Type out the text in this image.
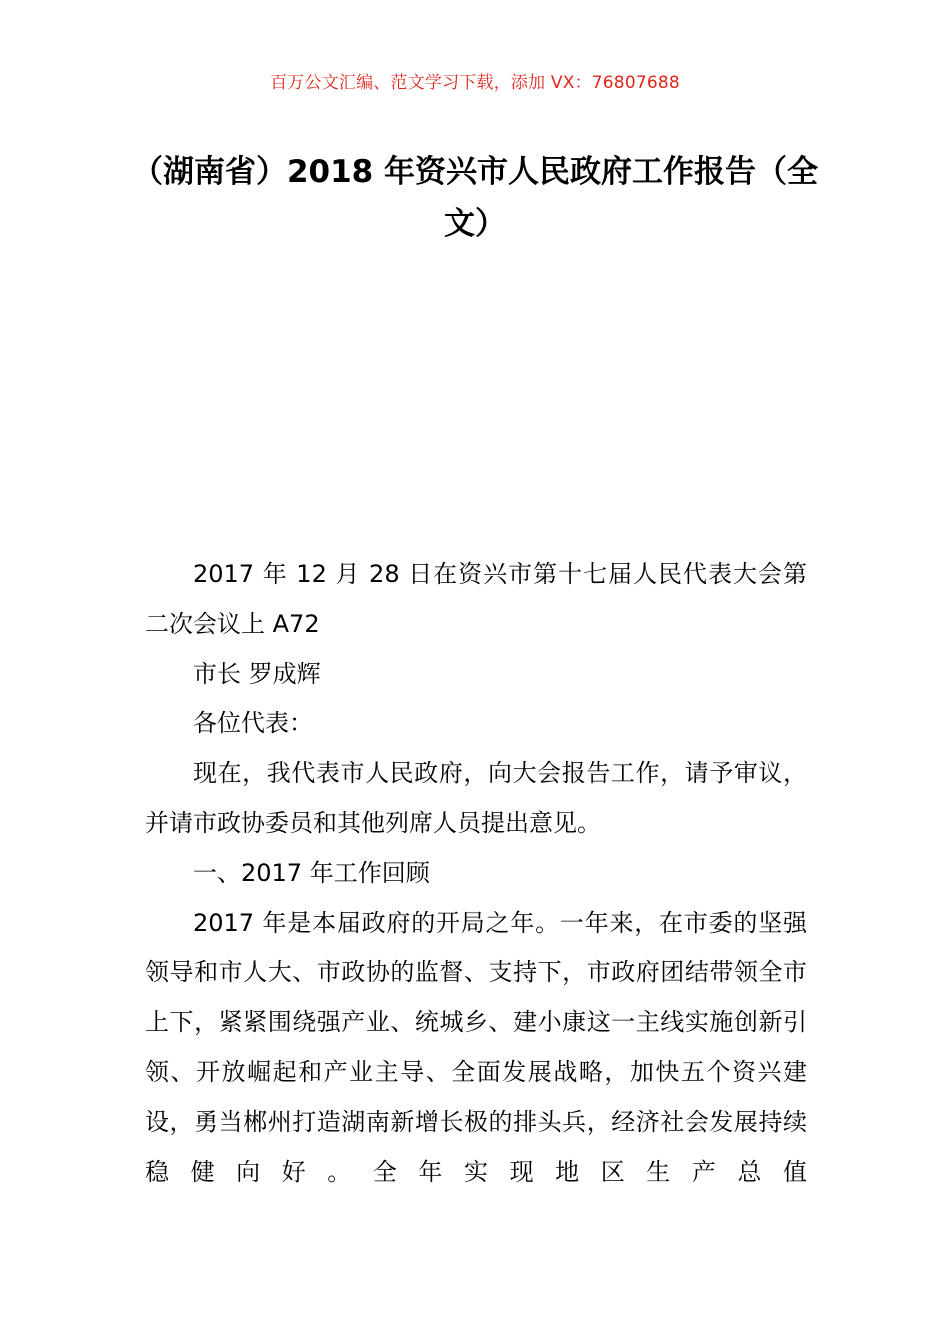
百万公文汇编、范文学习下载，添加 VX：76807688
（湖南省）2018 年资兴市人民政府工作报告（全文）

2017 年 12 月 28 日在资兴市第十七届人民代表大会第二次会议上 A72

市长 罗成辉

各位代表：

现在，我代表市人民政府，向大会报告工作，请予审议，并请市政协委员和其他列席人员提出意见。

一、2017 年工作回顾

2017 年是本届政府的开局之年。一年来，在市委的坚强领导和市人大、市政协的监督、支持下，市政府团结带领全市上下，紧紧围绕强产业、统城乡、建小康这一主线实施创新引领、开放崛起和产业主导、全面发展战略，加快五个资兴建设，勇当郴州打造湖南新增长极的排头兵，经济社会发展持续稳健向好。全年实现地区生产总值
